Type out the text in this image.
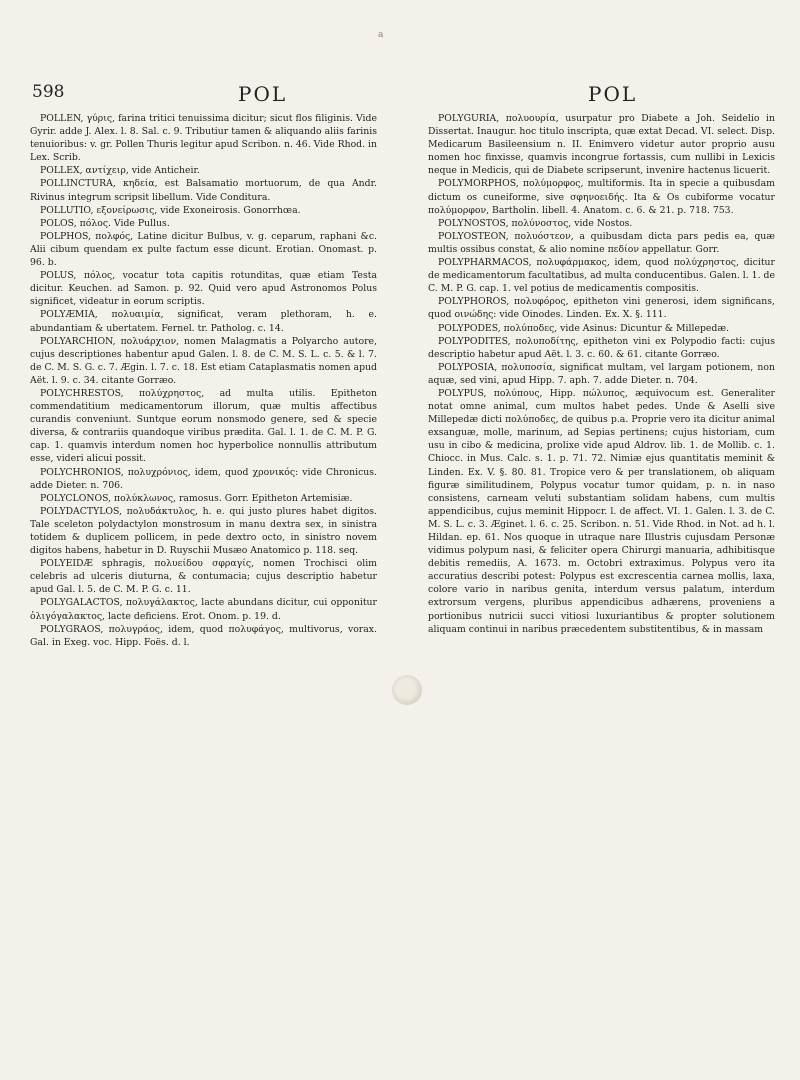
a
598	POL	POL

POLLEN, γύρις, farina tritici tenuissima dicitur; sicut flos filiginis. Vide Gyrir. adde J. Alex. l. 8. Sal. c. 9. Tributiur tamen & aliquando aliis farinis tenuioribus: v. gr. Pollen Thuris legitur apud Scribon. n. 46. Vide Rhod. in Lex. Scrib.

POLLEX, αντίχειρ, vide Anticheir.

POLLINCTURA, κηδεία, est Balsamatio mortuorum, de qua Andr. Rivinus integrum scripsit libellum. Vide Conditura.

POLLUTIO, εξονείρωσις, vide Exoneirosis. Gonorrhœa.

POLOS, πόλος. Vide Pullus.

POLPHOS, πολφός, Latine dicitur Bulbus, v. g. ceparum, raphani &c. Alii cibum quendam ex pulte factum esse dicunt. Erotian. Onomast. p. 96. b.

POLUS, πόλος, vocatur tota capitis rotunditas, quæ etiam Testa dicitur. Keuchen. ad Samon. p. 92. Quid vero apud Astronomos Polus significet, videatur in eorum scriptis.

POLYÆMIA, πολυαιμία, significat, veram plethoram, h. e. abundantiam & ubertatem. Fernel. tr. Patholog. c. 14.

POLYARCHION, πολυάρχιον, nomen Malagmatis a Polyarcho autore, cujus descriptiones habentur apud Galen. l. 8. de C. M. S. L. c. 5. & l. 7. de C. M. S. G. c. 7. Ægin. l. 7. c. 18. Est etiam Cataplasmatis nomen apud Aët. l. 9. c. 34. citante Gorræo.

POLYCHRESTOS, πολύχρηστος, ad multa utilis. Epitheton commendatitium medicamentorum illorum, quæ multis affectibus curandis conveniunt. Suntque eorum nonsmodo genere, sed & specie diversa, & contrariis quandoque viribus prædita. Gal. l. 1. de C. M. P. G. cap. 1. quamvis interdum nomen hoc hyperbolice nonnullis attributum esse, videri alicui possit.

POLYCHRONIOS, πολυχρόνιος, idem, quod χρονικός: vide Chronicus. adde Dieter. n. 706.

POLYCLONOS, πολύκλωνος, ramosus. Gorr. Epitheton Artemisiæ.

POLYDACTYLOS, πολυδάκτυλος, h. e. qui justo plures habet digitos. Tale sceleton polydactylon monstrosum in manu dextra sex, in sinistra totidem & duplicem pollicem, in pede dextro octo, in sinistro novem digitos habens, habetur in D. Ruyschii Musæo Anatomico p. 118. seq.

POLYEIDÆ sphragis, πολυείδου σφραγίς, nomen Trochisci olim celebris ad ulceris diuturna, & contumacia; cujus descriptio habetur apud Gal. l. 5. de C. M. P. G. c. 11.

POLYGALACTOS, πολυγάλακτος, lacte abundans dicitur, cui opponitur ὀλιγόγαλακτος, lacte deficiens. Erot. Onom. p. 19. d.

POLYGRAOS, πολυγράος, idem, quod πολυφάγος, multivorus, vorax. Gal. in Exeg. voc. Hipp. Foës. d. l.

POLYGURIA, πολυουρία, usurpatur pro Diabete a Joh. Seidelio in Dissertat. Inaugur. hoc titulo inscripta, quæ extat Decad. VI. select. Disp. Medicarum Basileensium n. II. Enimvero videtur autor proprio ausu nomen hoc finxisse, quamvis incongrue fortassis, cum nullibi in Lexicis neque in Medicis, qui de Diabete scripserunt, invenire hactenus licuerit.

POLYMORPHOS, πολύμορφος, multiformis. Ita in specie a quibusdam dictum os cuneiforme, sive σφηνοειδής. Ita & Os cubiforme vocatur πολύμορφον, Bartholin. libell. 4. Anatom. c. 6. & 21. p. 718. 753.

POLYNOSTOS, πολύνοστος, vide Nostos.

POLYOSTEON, πολυόστεον, a quibusdam dicta pars pedis ea, quæ multis ossibus constat, & alio nomine πεδίον appellatur. Gorr.

POLYPHARMACOS, πολυφάρμακος, idem, quod πολύχρηστος, dicitur de medicamentorum facultatibus, ad multa conducentibus. Galen. l. 1. de C. M. P. G. cap. 1. vel potius de medicamentis compositis.

POLYPHOROS, πολυφόρος, epitheton vini generosi, idem significans, quod οινώδης: vide Oinodes. Linden. Ex. X. §. 111.

POLYPODES, πολύποδες, vide Asinus: Dicuntur & Millepedæ.

POLYPODITES, πολυποδίτης, epitheton vini ex Polypodio facti: cujus descriptio habetur apud Aët. l. 3. c. 60. & 61. citante Gorræo.

POLYPOSIA, πολυποσία, significat multam, vel largam potionem, non aquæ, sed vini, apud Hipp. 7. aph. 7. adde Dieter. n. 704.

POLYPUS, πολύπους, Hipp. πώλυπος, æquivocum est. Generaliter notat omne animal, cum multos habet pedes. Unde & Aselli sive Millepedæ dicti πολύποδες, de quibus p.a. Proprie vero ita dicitur animal exsanguæ, molle, marinum, ad Sepias pertinens; cujus historiam, cum usu in cibo & medicina, prolixe vide apud Aldrov. lib. 1. de Mollib. c. 1. Chiocc. in Mus. Calc. s. 1. p. 71. 72. Nimiæ ejus quantitatis meminit & Linden. Ex. V. §. 80. 81. Tropice vero & per translationem, ob aliquam figuræ similitudinem, Polypus vocatur tumor quidam, p. n. in naso consistens, carneam veluti substantiam solidam habens, cum multis appendicibus, cujus meminit Hippocr. l. de affect. VI. 1. Galen. l. 3. de C. M. S. L. c. 3. Æginet. l. 6. c. 25. Scribon. n. 51. Vide Rhod. in Not. ad h. l. Hildan. ep. 61. Nos quoque in utraque nare Illustris cujusdam Personæ vidimus polypum nasi, & feliciter opera Chirurgi manuaria, adhibitisque debitis remediis, A. 1673. m. Octobri extraximus. Polypus vero ita accuratius describi potest: Polypus est excrescentia carnea mollis, laxa, colore vario in naribus genita, interdum versus palatum, interdum extrorsum vergens, pluribus appendicibus adhærens, proveniens a portionibus nutricii succi vitiosi luxuriantibus & propter solutionem aliquam continui in naribus præcedentem substitentibus, & in massam
